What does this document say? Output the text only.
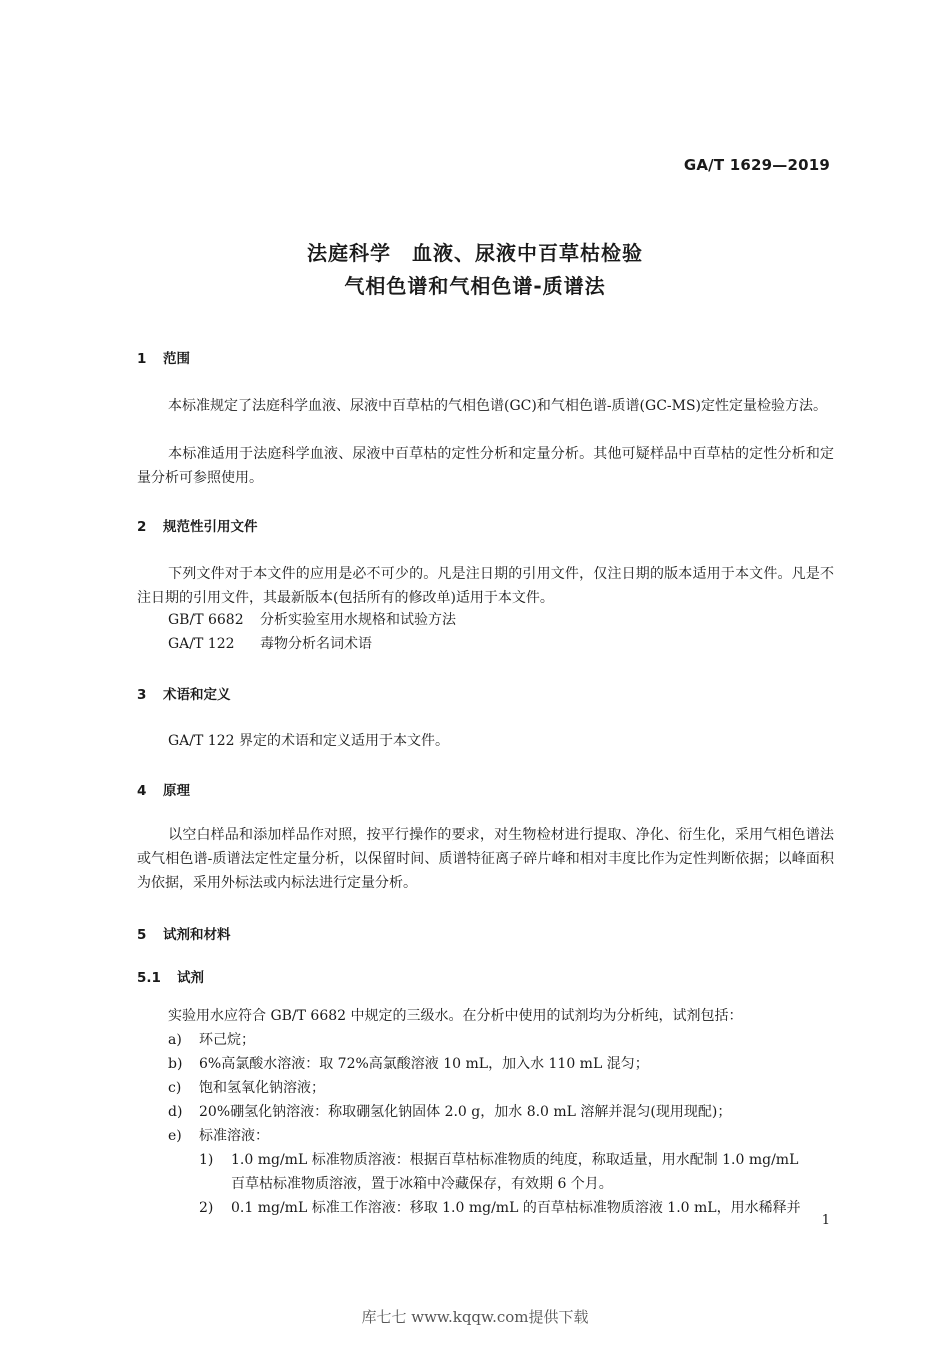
GA/T 1629—2019
法庭科学　血液、尿液中百草枯检验
气相色谱和气相色谱-质谱法
1 范围
本标准规定了法庭科学血液、尿液中百草枯的气相色谱(GC)和气相色谱-质谱(GC-MS)定性定量检验方法。
本标准适用于法庭科学血液、尿液中百草枯的定性分析和定量分析。其他可疑样品中百草枯的定性分析和定量分析可参照使用。
2 规范性引用文件
下列文件对于本文件的应用是必不可少的。凡是注日期的引用文件，仅注日期的版本适用于本文件。凡是不注日期的引用文件，其最新版本(包括所有的修改单)适用于本文件。
GB/T 6682 分析实验室用水规格和试验方法
GA/T 122 毒物分析名词术语
3 术语和定义
GA/T 122 界定的术语和定义适用于本文件。
4 原理
以空白样品和添加样品作对照，按平行操作的要求，对生物检材进行提取、净化、衍生化，采用气相色谱法或气相色谱-质谱法定性定量分析，以保留时间、质谱特征离子碎片峰和相对丰度比作为定性判断依据；以峰面积为依据，采用外标法或内标法进行定量分析。
5 试剂和材料
5.1 试剂
实验用水应符合 GB/T 6682 中规定的三级水。在分析中使用的试剂均为分析纯，试剂包括：
a) 环己烷；
b) 6%高氯酸水溶液：取 72%高氯酸溶液 10 mL，加入水 110 mL 混匀；
c) 饱和氢氧化钠溶液；
d) 20%硼氢化钠溶液：称取硼氢化钠固体 2.0 g，加水 8.0 mL 溶解并混匀(现用现配)；
e) 标准溶液：
1) 1.0 mg/mL 标准物质溶液：根据百草枯标准物质的纯度，称取适量，用水配制 1.0 mg/mL
百草枯标准物质溶液，置于冰箱中冷藏保存，有效期 6 个月。
2) 0.1 mg/mL 标准工作溶液：移取 1.0 mg/mL 的百草枯标准物质溶液 1.0 mL，用水稀释并
1
库七七 www.kqqw.com提供下载
